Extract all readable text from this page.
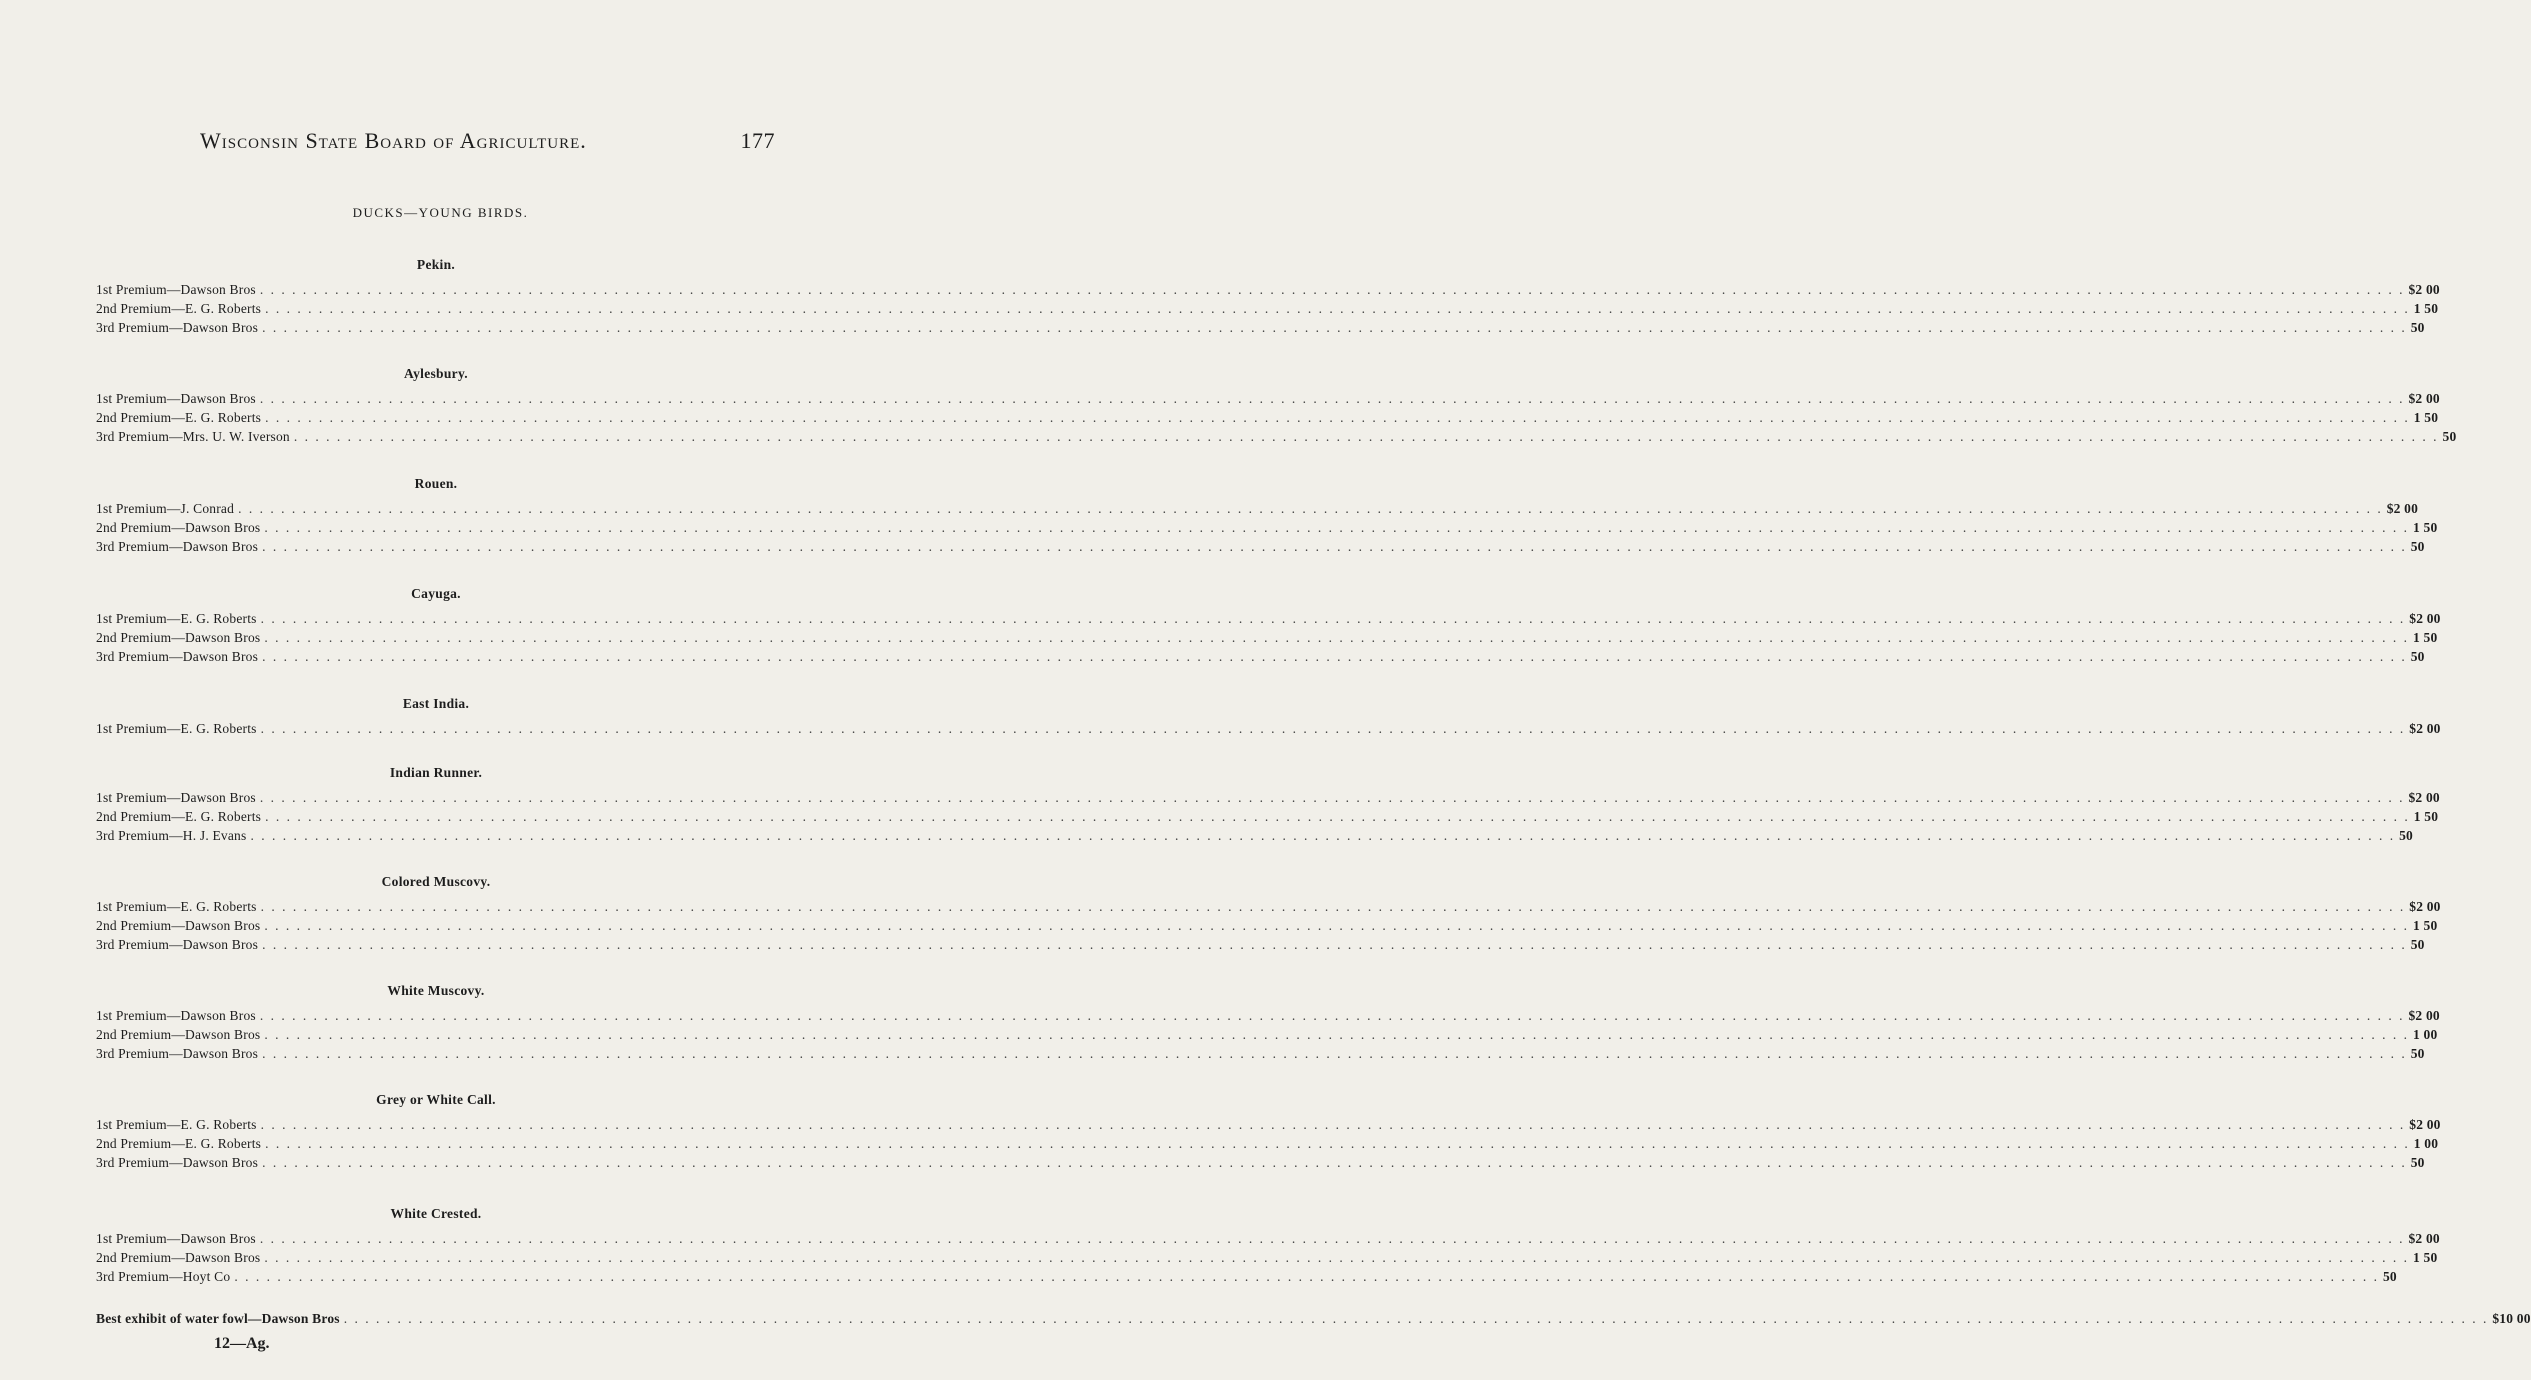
Wisconsin State Board of Agriculture.	177
DUCKS—YOUNG BIRDS.
Pekin.
1st Premium—Dawson Bros . . . . . . . . . . . . . . . . . . . . . . . . . . . . . . . . . . . . . . . . . . . . . . . . . . . . . . . . . . . . . . . . . . . . . . . . . . . . . . . . . . . . . . . . . . . . . . . . . . . . . . . . . . . . . . . . . . . . . . . . . . . . . . . . . . . . . . . . . . . . . . . . . . . . . . . . . . . . . . . . . . . . . . . . . . . . . . . . . . . . . . . . . . . . . . . . . . . . . . . . $2 00
2nd Premium—E. G. Roberts . . . . . . . . . . . . . . . . . . . . . . . . . . . . . . . . . . . . . . . . . . . . . . . . . . . . . . . . . . . . . . . . . . . . . . . . . . . . . . . . . . . . . . . . . . . . . . . . . . . . . . . . . . . . . . . . . . . . . . . . . . . . . . . . . . . . . . . . . . . . . . . . . . . . . . . . . . . . . . . . . . . . . . . . . . . . . . . . . . . . . . . . . . . . . . . . . . . . . . . . 1 50
3rd Premium—Dawson Bros . . . . . . . . . . . . . . . . . . . . . . . . . . . . . . . . . . . . . . . . . . . . . . . . . . . . . . . . . . . . . . . . . . . . . . . . . . . . . . . . . . . . . . . . . . . . . . . . . . . . . . . . . . . . . . . . . . . . . . . . . . . . . . . . . . . . . . . . . . . . . . . . . . . . . . . . . . . . . . . . . . . . . . . . . . . . . . . . . . . . . . . . . . . . . . . . . . . . . . . . 50
Aylesbury.
1st Premium—Dawson Bros . . . . . . . . . . . . . . . . . . . . . . . . . . . . . . . . . . . . . . . . . . . . . . . . . . . . . . . . . . . . . . . . . . . . . . . . . . . . . . . . . . . . . . . . . . . . . . . . . . . . . . . . . . . . . . . . . . . . . . . . . . . . . . . . . . . . . . . . . . . . . . . . . . . . . . . . . . . . . . . . . . . . . . . . . . . . . . . . . . . . . . . . . . . . . . . . . . . . . . . . $2 00
2nd Premium—E. G. Roberts . . . . . . . . . . . . . . . . . . . . . . . . . . . . . . . . . . . . . . . . . . . . . . . . . . . . . . . . . . . . . . . . . . . . . . . . . . . . . . . . . . . . . . . . . . . . . . . . . . . . . . . . . . . . . . . . . . . . . . . . . . . . . . . . . . . . . . . . . . . . . . . . . . . . . . . . . . . . . . . . . . . . . . . . . . . . . . . . . . . . . . . . . . . . . . . . . . . . . . . . 1 50
3rd Premium—Mrs. U. W. Iverson . . . . . . . . . . . . . . . . . . . . . . . . . . . . . . . . . . . . . . . . . . . . . . . . . . . . . . . . . . . . . . . . . . . . . . . . . . . . . . . . . . . . . . . . . . . . . . . . . . . . . . . . . . . . . . . . . . . . . . . . . . . . . . . . . . . . . . . . . . . . . . . . . . . . . . . . . . . . . . . . . . . . . . . . . . . . . . . . . . . . . . . . . . . . . . . . . . . . . . . . 50
Rouen.
1st Premium—J. Conrad . . . . . . . . . . . . . . . . . . . . . . . . . . . . . . . . . . . . . . . . . . . . . . . . . . . . . . . . . . . . . . . . . . . . . . . . . . . . . . . . . . . . . . . . . . . . . . . . . . . . . . . . . . . . . . . . . . . . . . . . . . . . . . . . . . . . . . . . . . . . . . . . . . . . . . . . . . . . . . . . . . . . . . . . . . . . . . . . . . . . . . . . . . . . . . . . . . . . . . . . $2 00
2nd Premium—Dawson Bros . . . . . . . . . . . . . . . . . . . . . . . . . . . . . . . . . . . . . . . . . . . . . . . . . . . . . . . . . . . . . . . . . . . . . . . . . . . . . . . . . . . . . . . . . . . . . . . . . . . . . . . . . . . . . . . . . . . . . . . . . . . . . . . . . . . . . . . . . . . . . . . . . . . . . . . . . . . . . . . . . . . . . . . . . . . . . . . . . . . . . . . . . . . . . . . . . . . . . . . . 1 50
3rd Premium—Dawson Bros . . . . . . . . . . . . . . . . . . . . . . . . . . . . . . . . . . . . . . . . . . . . . . . . . . . . . . . . . . . . . . . . . . . . . . . . . . . . . . . . . . . . . . . . . . . . . . . . . . . . . . . . . . . . . . . . . . . . . . . . . . . . . . . . . . . . . . . . . . . . . . . . . . . . . . . . . . . . . . . . . . . . . . . . . . . . . . . . . . . . . . . . . . . . . . . . . . . . . . . . 50
Cayuga.
1st Premium—E. G. Roberts . . . . . . . . . . . . . . . . . . . . . . . . . . . . . . . . . . . . . . . . . . . . . . . . . . . . . . . . . . . . . . . . . . . . . . . . . . . . . . . . . . . . . . . . . . . . . . . . . . . . . . . . . . . . . . . . . . . . . . . . . . . . . . . . . . . . . . . . . . . . . . . . . . . . . . . . . . . . . . . . . . . . . . . . . . . . . . . . . . . . . . . . . . . . . . . . . . . . . . . . $2 00
2nd Premium—Dawson Bros . . . . . . . . . . . . . . . . . . . . . . . . . . . . . . . . . . . . . . . . . . . . . . . . . . . . . . . . . . . . . . . . . . . . . . . . . . . . . . . . . . . . . . . . . . . . . . . . . . . . . . . . . . . . . . . . . . . . . . . . . . . . . . . . . . . . . . . . . . . . . . . . . . . . . . . . . . . . . . . . . . . . . . . . . . . . . . . . . . . . . . . . . . . . . . . . . . . . . . . . 1 50
3rd Premium—Dawson Bros . . . . . . . . . . . . . . . . . . . . . . . . . . . . . . . . . . . . . . . . . . . . . . . . . . . . . . . . . . . . . . . . . . . . . . . . . . . . . . . . . . . . . . . . . . . . . . . . . . . . . . . . . . . . . . . . . . . . . . . . . . . . . . . . . . . . . . . . . . . . . . . . . . . . . . . . . . . . . . . . . . . . . . . . . . . . . . . . . . . . . . . . . . . . . . . . . . . . . . . . 50
East India.
1st Premium—E. G. Roberts . . . . . . . . . . . . . . . . . . . . . . . . . . . . . . . . . . . . . . . . . . . . . . . . . . . . . . . . . . . . . . . . . . . . . . . . . . . . . . . . . . . . . . . . . . . . . . . . . . . . . . . . . . . . . . . . . . . . . . . . . . . . . . . . . . . . . . . . . . . . . . . . . . . . . . . . . . . . . . . . . . . . . . . . . . . . . . . . . . . . . . . . . . . . . . . . . . . . . . . . $2 00
Indian Runner.
1st Premium—Dawson Bros . . . . . . . . . . . . . . . . . . . . . . . . . . . . . . . . . . . . . . . . . . . . . . . . . . . . . . . . . . . . . . . . . . . . . . . . . . . . . . . . . . . . . . . . . . . . . . . . . . . . . . . . . . . . . . . . . . . . . . . . . . . . . . . . . . . . . . . . . . . . . . . . . . . . . . . . . . . . . . . . . . . . . . . . . . . . . . . . . . . . . . . . . . . . . . . . . . . . . . . . $2 00
2nd Premium—E. G. Roberts . . . . . . . . . . . . . . . . . . . . . . . . . . . . . . . . . . . . . . . . . . . . . . . . . . . . . . . . . . . . . . . . . . . . . . . . . . . . . . . . . . . . . . . . . . . . . . . . . . . . . . . . . . . . . . . . . . . . . . . . . . . . . . . . . . . . . . . . . . . . . . . . . . . . . . . . . . . . . . . . . . . . . . . . . . . . . . . . . . . . . . . . . . . . . . . . . . . . . . . . 1 50
3rd Premium—H. J. Evans . . . . . . . . . . . . . . . . . . . . . . . . . . . . . . . . . . . . . . . . . . . . . . . . . . . . . . . . . . . . . . . . . . . . . . . . . . . . . . . . . . . . . . . . . . . . . . . . . . . . . . . . . . . . . . . . . . . . . . . . . . . . . . . . . . . . . . . . . . . . . . . . . . . . . . . . . . . . . . . . . . . . . . . . . . . . . . . . . . . . . . . . . . . . . . . . . . . . . . . . 50
Colored Muscovy.
1st Premium—E. G. Roberts . . . . . . . . . . . . . . . . . . . . . . . . . . . . . . . . . . . . . . . . . . . . . . . . . . . . . . . . . . . . . . . . . . . . . . . . . . . . . . . . . . . . . . . . . . . . . . . . . . . . . . . . . . . . . . . . . . . . . . . . . . . . . . . . . . . . . . . . . . . . . . . . . . . . . . . . . . . . . . . . . . . . . . . . . . . . . . . . . . . . . . . . . . . . . . . . . . . . . . . . $2 00
2nd Premium—Dawson Bros . . . . . . . . . . . . . . . . . . . . . . . . . . . . . . . . . . . . . . . . . . . . . . . . . . . . . . . . . . . . . . . . . . . . . . . . . . . . . . . . . . . . . . . . . . . . . . . . . . . . . . . . . . . . . . . . . . . . . . . . . . . . . . . . . . . . . . . . . . . . . . . . . . . . . . . . . . . . . . . . . . . . . . . . . . . . . . . . . . . . . . . . . . . . . . . . . . . . . . . . 1 50
3rd Premium—Dawson Bros . . . . . . . . . . . . . . . . . . . . . . . . . . . . . . . . . . . . . . . . . . . . . . . . . . . . . . . . . . . . . . . . . . . . . . . . . . . . . . . . . . . . . . . . . . . . . . . . . . . . . . . . . . . . . . . . . . . . . . . . . . . . . . . . . . . . . . . . . . . . . . . . . . . . . . . . . . . . . . . . . . . . . . . . . . . . . . . . . . . . . . . . . . . . . . . . . . . . . . . . 50
White Muscovy.
1st Premium—Dawson Bros . . . . . . . . . . . . . . . . . . . . . . . . . . . . . . . . . . . . . . . . . . . . . . . . . . . . . . . . . . . . . . . . . . . . . . . . . . . . . . . . . . . . . . . . . . . . . . . . . . . . . . . . . . . . . . . . . . . . . . . . . . . . . . . . . . . . . . . . . . . . . . . . . . . . . . . . . . . . . . . . . . . . . . . . . . . . . . . . . . . . . . . . . . . . . . . . . . . . . . . . $2 00
2nd Premium—Dawson Bros . . . . . . . . . . . . . . . . . . . . . . . . . . . . . . . . . . . . . . . . . . . . . . . . . . . . . . . . . . . . . . . . . . . . . . . . . . . . . . . . . . . . . . . . . . . . . . . . . . . . . . . . . . . . . . . . . . . . . . . . . . . . . . . . . . . . . . . . . . . . . . . . . . . . . . . . . . . . . . . . . . . . . . . . . . . . . . . . . . . . . . . . . . . . . . . . . . . . . . . . 1 00
3rd Premium—Dawson Bros . . . . . . . . . . . . . . . . . . . . . . . . . . . . . . . . . . . . . . . . . . . . . . . . . . . . . . . . . . . . . . . . . . . . . . . . . . . . . . . . . . . . . . . . . . . . . . . . . . . . . . . . . . . . . . . . . . . . . . . . . . . . . . . . . . . . . . . . . . . . . . . . . . . . . . . . . . . . . . . . . . . . . . . . . . . . . . . . . . . . . . . . . . . . . . . . . . . . . . . . 50
Grey or White Call.
1st Premium—E. G. Roberts . . . . . . . . . . . . . . . . . . . . . . . . . . . . . . . . . . . . . . . . . . . . . . . . . . . . . . . . . . . . . . . . . . . . . . . . . . . . . . . . . . . . . . . . . . . . . . . . . . . . . . . . . . . . . . . . . . . . . . . . . . . . . . . . . . . . . . . . . . . . . . . . . . . . . . . . . . . . . . . . . . . . . . . . . . . . . . . . . . . . . . . . . . . . . . . . . . . . . . . . $2 00
2nd Premium—E. G. Roberts . . . . . . . . . . . . . . . . . . . . . . . . . . . . . . . . . . . . . . . . . . . . . . . . . . . . . . . . . . . . . . . . . . . . . . . . . . . . . . . . . . . . . . . . . . . . . . . . . . . . . . . . . . . . . . . . . . . . . . . . . . . . . . . . . . . . . . . . . . . . . . . . . . . . . . . . . . . . . . . . . . . . . . . . . . . . . . . . . . . . . . . . . . . . . . . . . . . . . . . . 1 00
3rd Premium—Dawson Bros . . . . . . . . . . . . . . . . . . . . . . . . . . . . . . . . . . . . . . . . . . . . . . . . . . . . . . . . . . . . . . . . . . . . . . . . . . . . . . . . . . . . . . . . . . . . . . . . . . . . . . . . . . . . . . . . . . . . . . . . . . . . . . . . . . . . . . . . . . . . . . . . . . . . . . . . . . . . . . . . . . . . . . . . . . . . . . . . . . . . . . . . . . . . . . . . . . . . . . . . 50
White Crested.
1st Premium—Dawson Bros . . . . . . . . . . . . . . . . . . . . . . . . . . . . . . . . . . . . . . . . . . . . . . . . . . . . . . . . . . . . . . . . . . . . . . . . . . . . . . . . . . . . . . . . . . . . . . . . . . . . . . . . . . . . . . . . . . . . . . . . . . . . . . . . . . . . . . . . . . . . . . . . . . . . . . . . . . . . . . . . . . . . . . . . . . . . . . . . . . . . . . . . . . . . . . . . . . . . . . . . $2 00
2nd Premium—Dawson Bros . . . . . . . . . . . . . . . . . . . . . . . . . . . . . . . . . . . . . . . . . . . . . . . . . . . . . . . . . . . . . . . . . . . . . . . . . . . . . . . . . . . . . . . . . . . . . . . . . . . . . . . . . . . . . . . . . . . . . . . . . . . . . . . . . . . . . . . . . . . . . . . . . . . . . . . . . . . . . . . . . . . . . . . . . . . . . . . . . . . . . . . . . . . . . . . . . . . . . . . . 1 50
3rd Premium—Hoyt Co . . . . . . . . . . . . . . . . . . . . . . . . . . . . . . . . . . . . . . . . . . . . . . . . . . . . . . . . . . . . . . . . . . . . . . . . . . . . . . . . . . . . . . . . . . . . . . . . . . . . . . . . . . . . . . . . . . . . . . . . . . . . . . . . . . . . . . . . . . . . . . . . . . . . . . . . . . . . . . . . . . . . . . . . . . . . . . . . . . . . . . . . . . . . . . . . . . . . . . . . 50
Best exhibit of water fowl—Dawson Bros . . . . . . . . . . . . . . . . . . . . . . . . . . . . . . . . . . . . . . . . . . . . . . . . . . . . . . . . . . . . . . . . . . . . . . . . . . . . . . . . . . . . . . . . . . . . . . . . . . . . . . . . . . . . . . . . . . . . . . . . . . . . . . . . . . . . . . . . . . . . . . . . . . . . . . . . . . . . . . . . . . . . . . . . . . . . . . . . . . . . . . . . . . . . . . . . . . . . . . . . $10 00
12—Ag.
